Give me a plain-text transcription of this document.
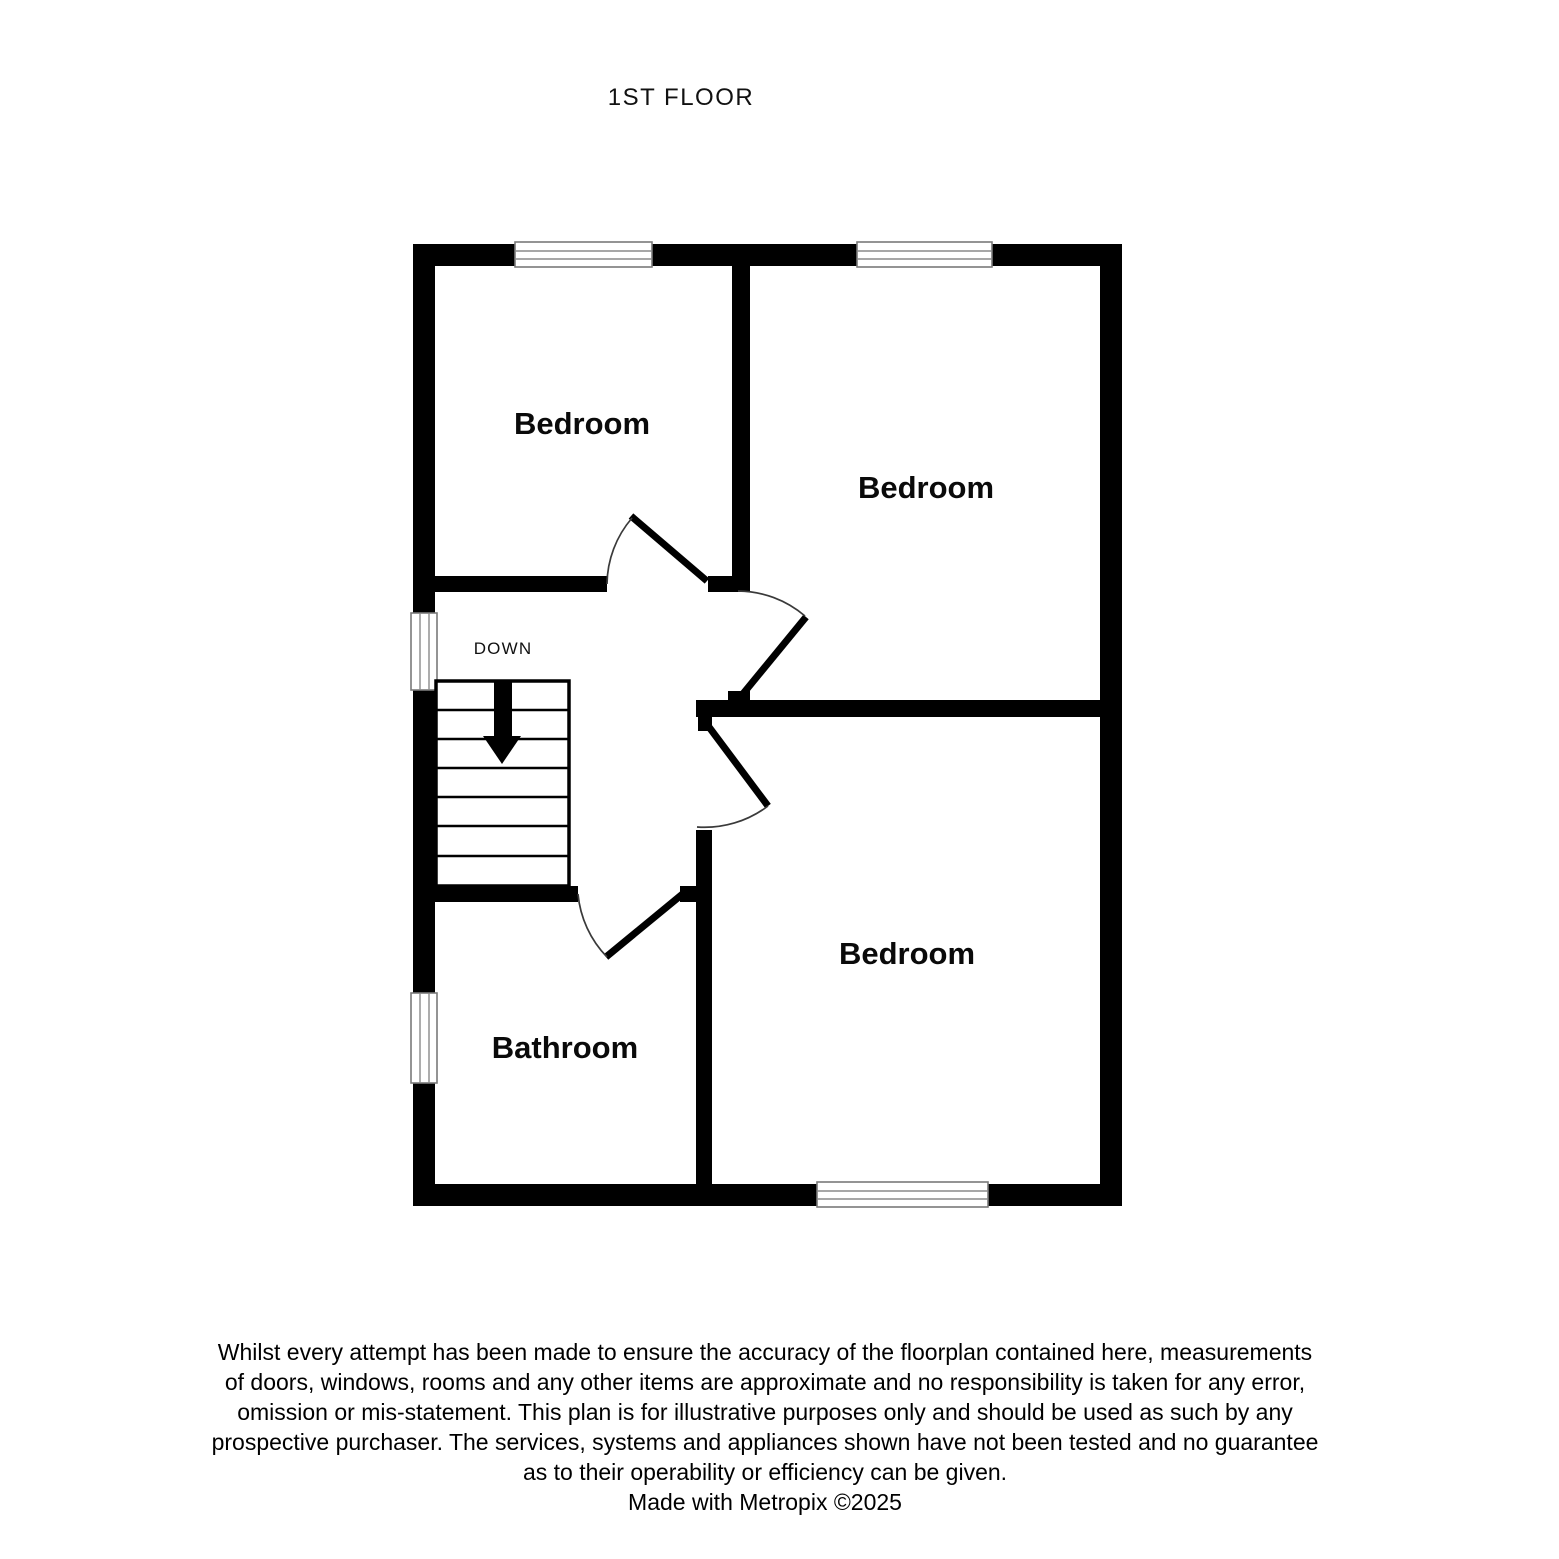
1ST FLOOR
Bedroom
Bedroom
Bedroom
Bathroom
DOWN
Whilst every attempt has been made to ensure the accuracy of the floorplan contained here, measurements
of doors, windows, rooms and any other items are approximate and no responsibility is taken for any error,
omission or mis-statement. This plan is for illustrative purposes only and should be used as such by any
prospective purchaser. The services, systems and appliances shown have not been tested and no guarantee
as to their operability or efficiency can be given.
Made with Metropix ©2025
